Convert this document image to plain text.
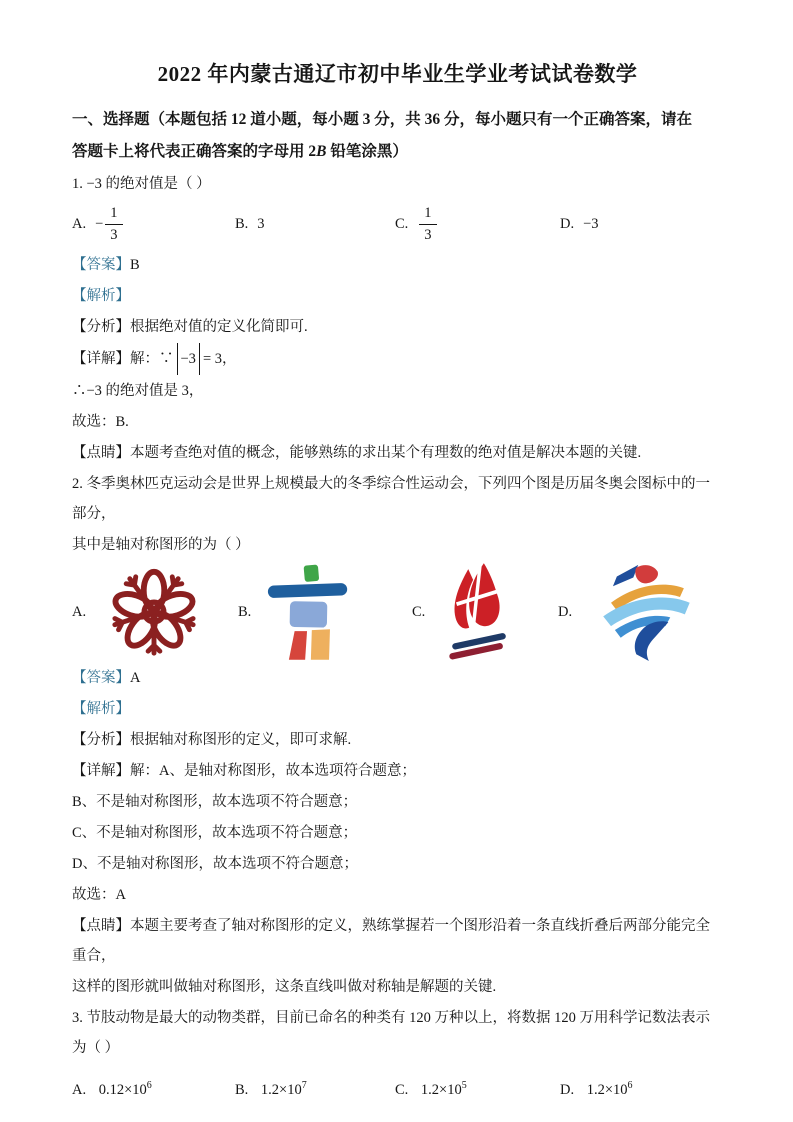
2022 年内蒙古通辽市初中毕业生学业考试试卷数学
一、选择题（本题包括 12 道小题，每小题 3 分，共 36 分，每小题只有一个正确答案，请在
答题卡上将代表正确答案的字母用 2B 铅笔涂黑）
1. −3 的绝对值是（ ）
A. − $\frac{1}{3}$	B. 3	C. $\frac{1}{3}$	D. −3
【答案】B
【解析】
【分析】根据绝对值的定义化简即可.
【详解】解：∵ −3 = 3，
∴−3 的绝对值是 3，
故选：B.
【点睛】本题考查绝对值的概念，能够熟练的求出某个有理数的绝对值是解决本题的关键.
2. 冬季奥林匹克运动会是世界上规模最大的冬季综合性运动会，下列四个图是历届冬奥会图标中的一部分，
其中是轴对称图形的为（ ）
A.	B.	C.	D.
【答案】A
【解析】
【分析】根据轴对称图形的定义，即可求解.
【详解】解：A、是轴对称图形，故本选项符合题意；
B、不是轴对称图形，故本选项不符合题意；
C、不是轴对称图形，故本选项不符合题意；
D、不是轴对称图形，故本选项不符合题意；
故选：A
【点睛】本题主要考查了轴对称图形的定义，熟练掌握若一个图形沿着一条直线折叠后两部分能完全重合，
这样的图形就叫做轴对称图形，这条直线叫做对称轴是解题的关键.
3. 节肢动物是最大的动物类群，目前已命名的种类有 120 万种以上，将数据 120 万用科学记数法表示为（ ）
A. $0.12\times 10^6$	B. $1.2\times 10^7$	C. $1.2\times 10^5$	D. $1.2\times 10^6$
